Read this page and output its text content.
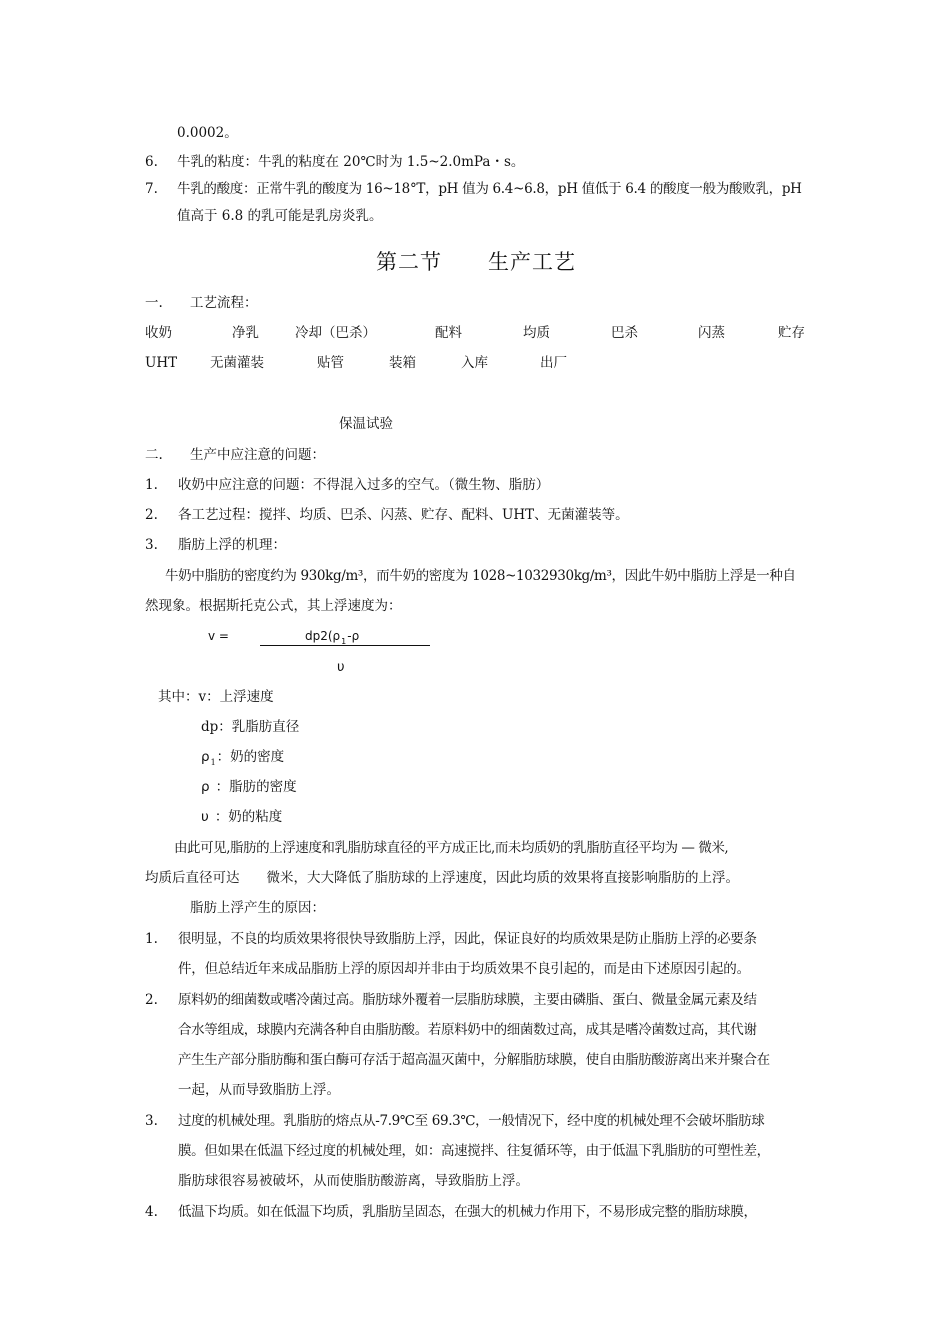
0.0002。
6. 牛乳的粘度：牛乳的粘度在 20℃时为 1.5~2.0mPa・s。
7. 牛乳的酸度：正常牛乳的酸度为 16~18°T，pH 值为 6.4~6.8，pH 值低于 6.4 的酸度一般为酸败乳，pH
值高于 6.8 的乳可能是乳房炎乳。
第二节 生产工艺
一. 工艺流程：
收奶	净乳	冷却（巴杀）	配料	均质	巴杀	闪蒸	贮存
UHT 无菌灌装	贴管	装箱	入库	出厂
保温试验
二. 生产中应注意的问题：
1. 收奶中应注意的问题：不得混入过多的空气。（微生物、脂肪）
2. 各工艺过程：搅拌、均质、巴杀、闪蒸、贮存、配料、UHT、无菌灌装等。
3. 脂肪上浮的机理：
牛奶中脂肪的密度约为 930kg/m³，而牛奶的密度为 1028~1032930kg/m³，因此牛奶中脂肪上浮是一种自
然现象。根据斯托克公式，其上浮速度为：
v =	$dp2(\rho_1-\rho$
υ
其中：v：上浮速度
dp：乳脂肪直径
$\rho_1$：奶的密度
ρ ：脂肪的密度
υ ：奶的粘度
由此可见,脂肪的上浮速度和乳脂肪球直径的平方成正比,而未均质奶的乳脂肪直径平均为 — 微米,
均质后直径可达　　微米，大大降低了脂肪球的上浮速度，因此均质的效果将直接影响脂肪的上浮。
脂肪上浮产生的原因：
1. 很明显，不良的均质效果将很快导致脂肪上浮，因此，保证良好的均质效果是防止脂肪上浮的必要条
件，但总结近年来成品脂肪上浮的原因却并非由于均质效果不良引起的，而是由下述原因引起的。
2. 原料奶的细菌数或嗜冷菌过高。脂肪球外覆着一层脂肪球膜，主要由磷脂、蛋白、微量金属元素及结
合水等组成，球膜内充满各种自由脂肪酸。若原料奶中的细菌数过高，成其是嗜冷菌数过高，其代谢
产生生产部分脂肪酶和蛋白酶可存活于超高温灭菌中，分解脂肪球膜，使自由脂肪酸游离出来并聚合在
一起，从而导致脂肪上浮。
3. 过度的机械处理。乳脂肪的熔点从-7.9℃至 69.3℃，一般情况下，经中度的机械处理不会破坏脂肪球
膜。但如果在低温下经过度的机械处理，如：高速搅拌、往复循环等，由于低温下乳脂肪的可塑性差，
脂肪球很容易被破坏，从而使脂肪酸游离，导致脂肪上浮。
4. 低温下均质。如在低温下均质，乳脂肪呈固态，在强大的机械力作用下，不易形成完整的脂肪球膜，
